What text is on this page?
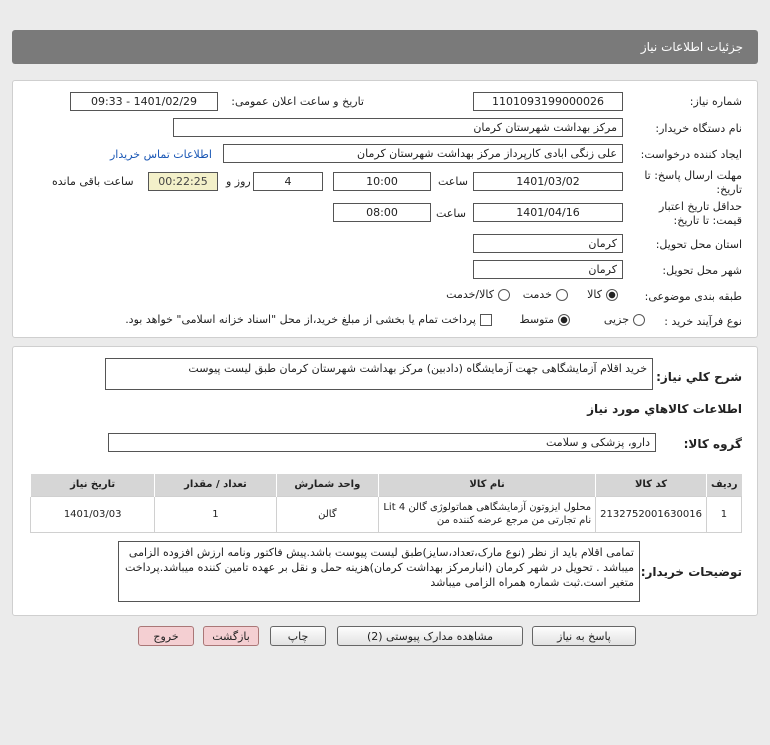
جزئیات اطلاعات نیاز
شماره نیاز:
1101093199000026
تاریخ و ساعت اعلان عمومی:
1401/02/29 - 09:33
نام دستگاه خریدار:
مرکز بهداشت شهرستان کرمان
ایجاد کننده درخواست:
علی زنگی ابادی کارپرداز مرکز بهداشت شهرستان کرمان
اطلاعات تماس خریدار
مهلت ارسال پاسخ: تا
تاریخ:
1401/03/02
ساعت
10:00
4
روز و
00:22:25
ساعت باقی مانده
حداقل تاریخ اعتبار
قیمت: تا تاریخ:
1401/04/16
ساعت
08:00
استان محل تحویل:
کرمان
شهر محل تحویل:
کرمان
طبقه بندی موضوعی:
کالا
خدمت
کالا/خدمت
نوع فرآیند خرید :
جزیی
متوسط
پرداخت تمام یا بخشی از مبلغ خرید،از محل "اسناد خزانه اسلامی" خواهد بود.
شرح کلي نياز:
خرید اقلام آزمایشگاهی جهت آزمایشگاه (دادبین) مرکز بهداشت شهرستان کرمان طبق لیست پیوست
اطلاعات کالاهاي مورد نياز
گروه کالا:
دارو، پزشکی و سلامت
رديف	کد کالا	نام کالا	واحد شمارش	تعداد / مقدار	تاریخ نیاز
1	2132752001630016	محلول ایزوتون آزمایشگاهی هماتولوژی گالن 4 Lit نام تجارتی من مرجع عرضه کننده من	گالن	1	1401/03/03
توضیحات خریدار:
تمامی اقلام باید از نظر (نوع مارک،تعداد،سایز)طبق لیست پیوست باشد.پیش فاکتور ونامه ارزش افزوده الزامی میباشد . تحویل در شهر کرمان (انبارمرکز بهداشت کرمان)هزینه حمل و نقل بر عهده تامین کننده میباشد.پرداخت متغیر است.ثبت شماره همراه الزامی میباشد
پاسخ به نیاز
مشاهده مدارک پیوستی (2)
چاپ
بازگشت
خروج
